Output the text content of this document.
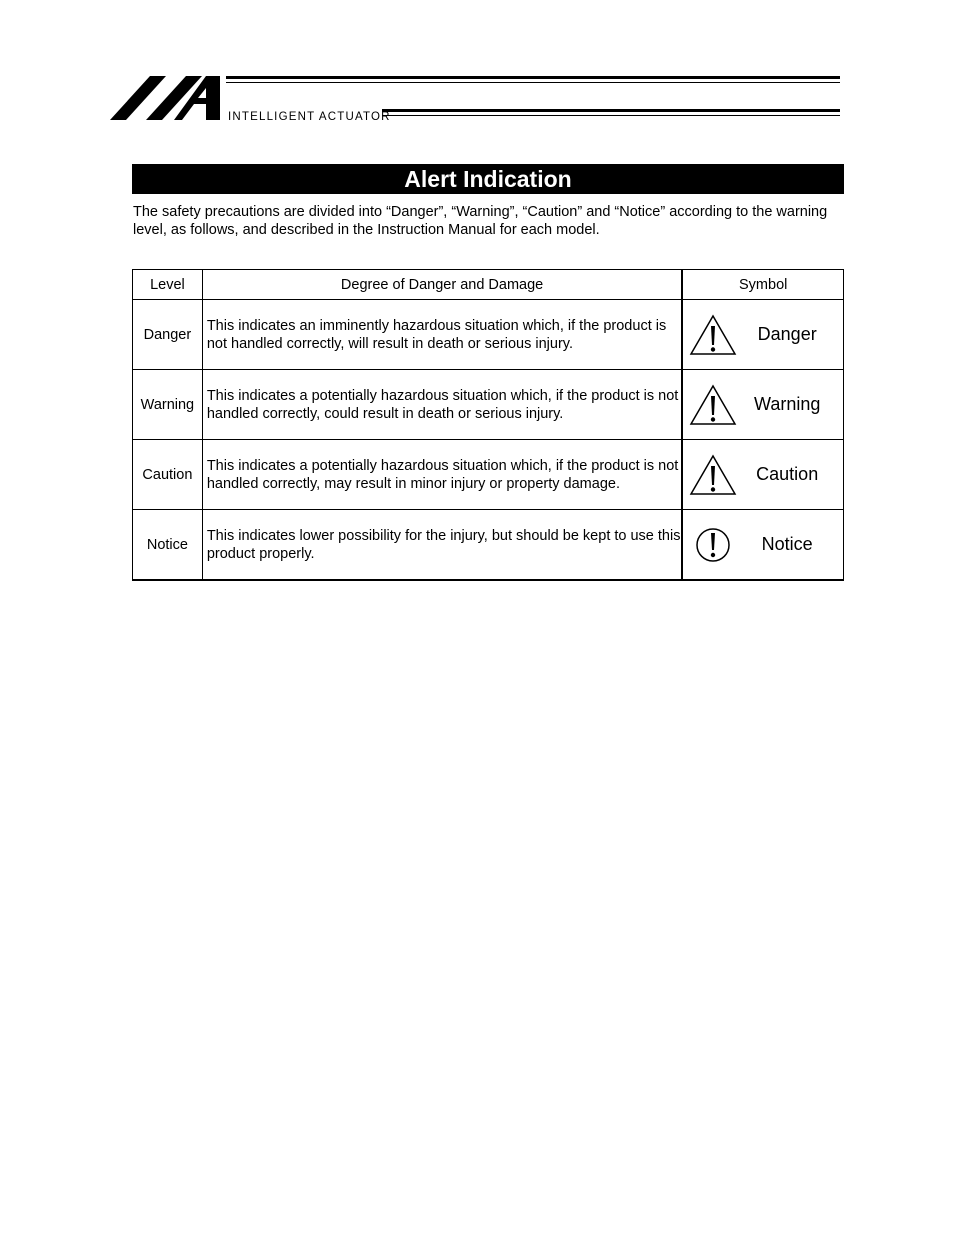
INTELLIGENT ACTUATOR
Alert Indication
The safety precautions are divided into “Danger”, “Warning”, “Caution” and “Notice” according to the warning level, as follows, and described in the Instruction Manual for each model.
Level	Degree of Danger and Damage	Symbol
Danger	This indicates an imminently hazardous situation which, if the product is not handled correctly, will result in death or serious injury.	Danger

Warning	This indicates a potentially hazardous situation which, if the product is not handled correctly, could result in death or serious injury.	Warning

Caution	This indicates a potentially hazardous situation which, if the product is not handled correctly, may result in minor injury or property damage.	Caution

Notice	This indicates lower possibility for the injury, but should be kept to use this product properly.	Notice
